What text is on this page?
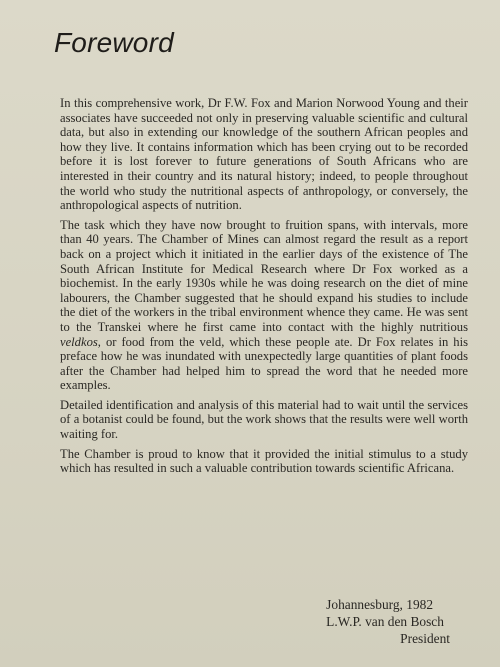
Foreword

In this comprehensive work, Dr F.W. Fox and Marion Norwood Young and their associates have succeeded not only in preserving valuable scientific and cultural data, but also in extending our knowledge of the southern African peoples and how they live. It contains information which has been crying out to be recorded before it is lost forever to future generations of South Africans who are interested in their country and its natural history; indeed, to people throughout the world who study the nutritional aspects of anthropology, or conversely, the anthropological aspects of nutrition.

The task which they have now brought to fruition spans, with intervals, more than 40 years. The Chamber of Mines can almost regard the result as a report back on a project which it initiated in the earlier days of the existence of The South African Institute for Medical Research where Dr Fox worked as a biochemist. In the early 1930s while he was doing research on the diet of mine labourers, the Chamber suggested that he should expand his studies to include the diet of the workers in the tribal environment whence they came. He was sent to the Transkei where he first came into contact with the highly nutritious veldkos, or food from the veld, which these people ate. Dr Fox relates in his preface how he was inundated with unexpectedly large quantities of plant foods after the Chamber had helped him to spread the word that he needed more examples.

Detailed identification and analysis of this material had to wait until the services of a botanist could be found, but the work shows that the results were well worth waiting for.

The Chamber is proud to know that it provided the initial stimulus to a study which has resulted in such a valuable contribution towards scientific Africana.

Johannesburg, 1982
L.W.P. van den Bosch
President
